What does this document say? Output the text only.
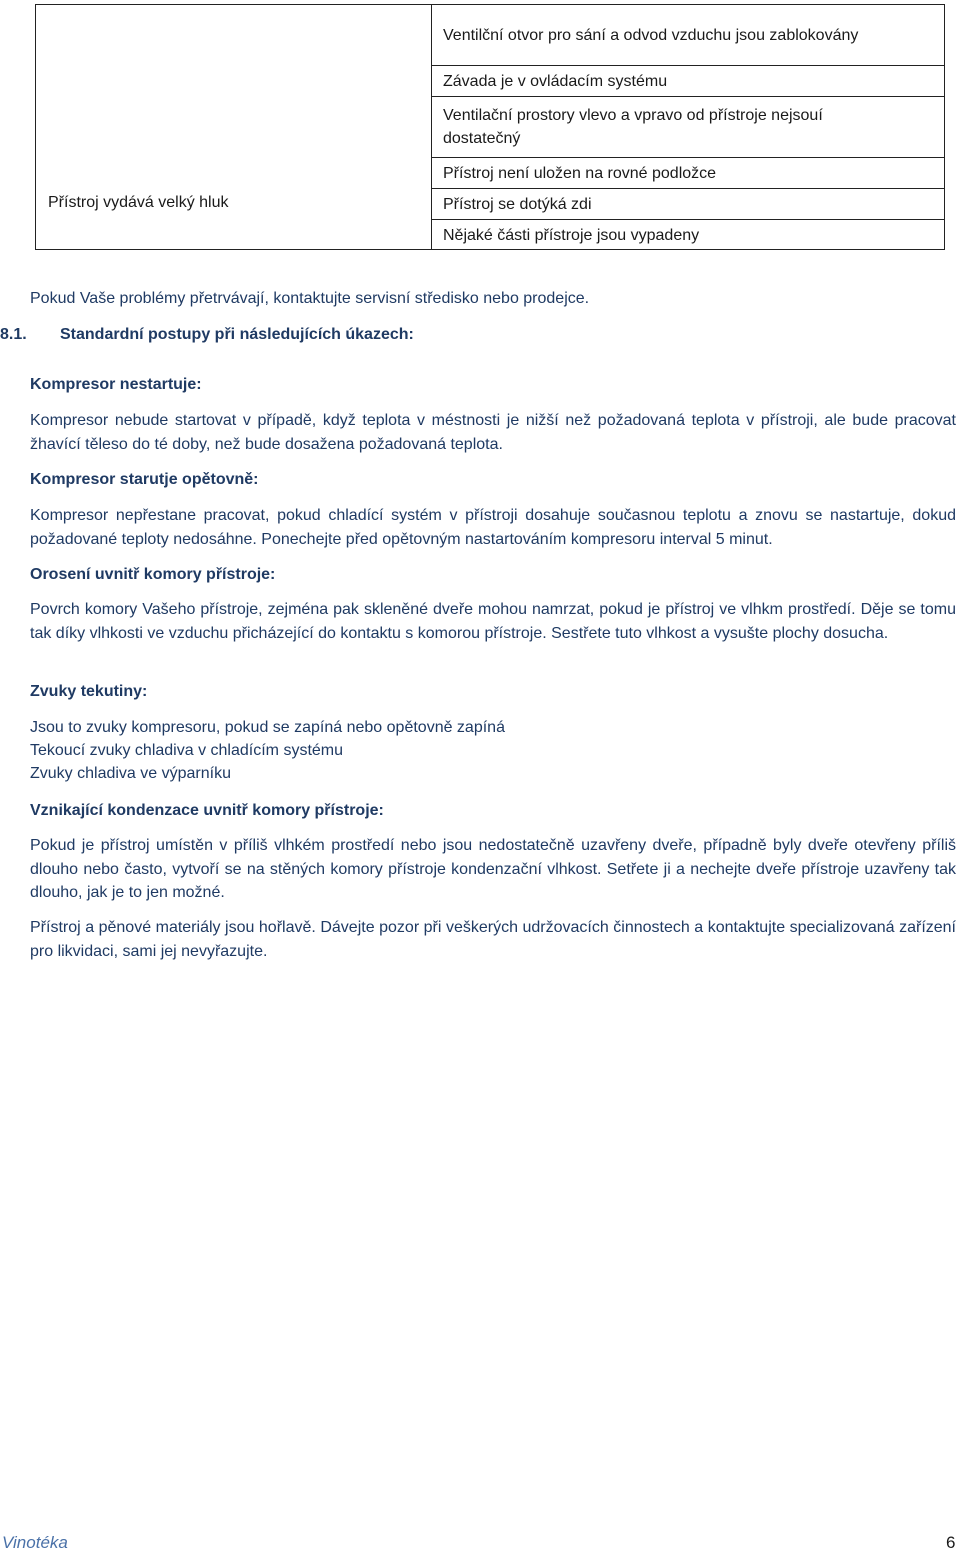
Přístroj vydává velký hluk
Ventilční otvor pro sání a odvod vzduchu jsou zablokovány
Závada je v ovládacím systému
Ventilační prostory vlevo a vpravo od přístroje nejsouí dostatečný
Přístroj není uložen na rovné podložce
Přístroj se dotýká zdi
Nějaké části přístroje jsou vypadeny
Pokud Vaše problémy přetrvávají, kontaktujte servisní středisko nebo prodejce.
8.1. Standardní postupy při následujících úkazech:
Kompresor nestartuje:
Kompresor nebude startovat v případě, když teplota v méstnosti je nižší než požadovaná teplota v přístroji, ale bude pracovat žhavící těleso do té doby, než bude dosažena požadovaná teplota.
Kompresor starutje opětovně:
Kompresor nepřestane pracovat, pokud chladící systém v přístroji dosahuje současnou teplotu a znovu se nastartuje, dokud požadované teploty nedosáhne. Ponechejte před opětovným nastartováním kompresoru interval 5 minut.
Orosení uvnitř komory přístroje:
Povrch komory Vašeho přístroje, zejména pak skleněné dveře mohou namrzat, pokud je přístroj ve vlhkm prostředí. Děje se tomu tak díky vlhkosti ve vzduchu přicházející do kontaktu s komorou přístroje. Sestřete tuto vlhkost a vysušte plochy dosucha.
Zvuky tekutiny:
Jsou to zvuky kompresoru, pokud se zapíná nebo opětovně zapíná
Tekoucí zvuky chladiva v chladícím systému
Zvuky chladiva ve výparníku
Vznikající kondenzace uvnitř komory přístroje:
Pokud je přístroj umístěn v příliš vlhkém prostředí nebo jsou nedostatečně uzavřeny dveře, případně byly dveře otevřeny příliš dlouho nebo často, vytvoří se na stěných komory přístroje kondenzační vlhkost. Setřete ji a nechejte dveře přístroje uzavřeny tak dlouho, jak je to jen možné.
Přístroj a pěnové materiály jsou hořlavě. Dávejte pozor při veškerých udržovacích činnostech a kontaktujte specializovaná zařízení pro likvidaci, sami jej nevyřazujte.
Vinotéka	6
